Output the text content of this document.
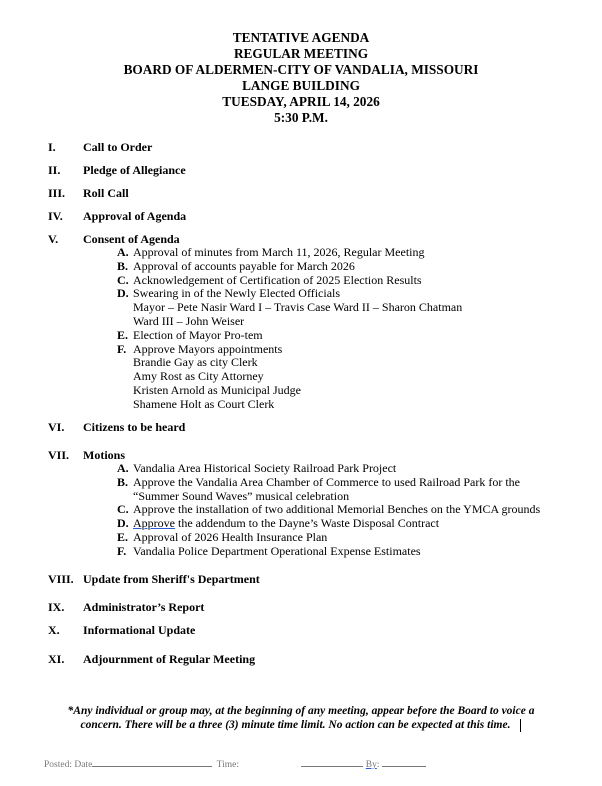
TENTATIVE AGENDA
REGULAR MEETING
BOARD OF ALDERMEN-CITY OF VANDALIA, MISSOURI
LANGE BUILDING
TUESDAY, APRIL 14, 2026
5:30 P.M.
I. Call to Order
II. Pledge of Allegiance
III. Roll Call
IV. Approval of Agenda
V. Consent of Agenda
VI. Citizens to be heard
VII. Motions
VIII. Update from Sheriff's Department
IX. Administrator’s Report
X. Informational Update
XI. Adjournment of Regular Meeting
A. Approval of minutes from March 11, 2026, Regular Meeting
B. Approval of accounts payable for March 2026
C. Acknowledgement of Certification of 2025 Election Results
D. Swearing in of the Newly Elected Officials
Mayor – Pete Nasir Ward I – Travis Case Ward II – Sharon Chatman
Ward III – John Weiser
E. Election of Mayor Pro-tem
F. Approve Mayors appointments
Brandie Gay as city Clerk
Amy Rost as City Attorney
Kristen Arnold as Municipal Judge
Shamene Holt as Court Clerk
A. Vandalia Area Historical Society Railroad Park Project
B. Approve the Vandalia Area Chamber of Commerce to used Railroad Park for the
“Summer Sound Waves” musical celebration
C. Approve the installation of two additional Memorial Benches on the YMCA grounds
D. Approve the addendum to the Dayne’s Waste Disposal Contract
E. Approval of 2026 Health Insurance Plan
F. Vandalia Police Department Operational Expense Estimates
*Any individual or group may, at the beginning of any meeting, appear before the Board to voice a
concern. There will be a three (3) minute time limit. No action can be expected at this time.
Posted: Date	Time:	By:
